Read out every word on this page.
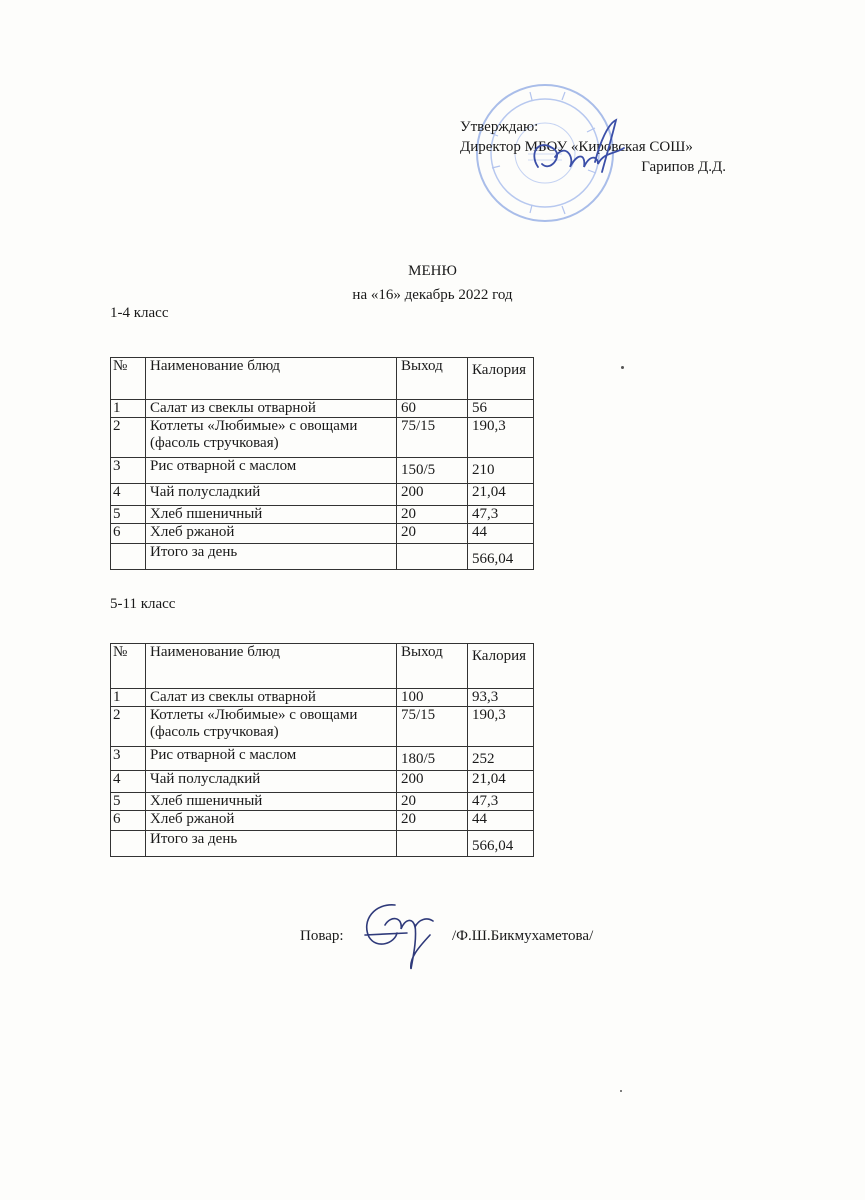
Утверждаю:
Директор МБОУ «Кировская СОШ»
Гарипов Д.Д.
МЕНЮ
на «16» декабрь 2022 год
1-4 класс
№	Наименование блюд	Выход	Калория
1	Салат из свеклы отварной	60	56
2	Котлеты «Любимые» с овощами (фасоль стручковая)	75/15	190,3
3	Рис отварной с маслом	150/5	210
4	Чай полусладкий	200	21,04
5	Хлеб пшеничный	20	47,3
6	Хлеб ржаной	20	44
	Итого за день		566,04
5-11 класс
№	Наименование блюд	Выход	Калория
1	Салат из свеклы отварной	100	93,3
2	Котлеты «Любимые» с овощами (фасоль стручковая)	75/15	190,3
3	Рис отварной с маслом	180/5	252
4	Чай полусладкий	200	21,04
5	Хлеб пшеничный	20	47,3
6	Хлеб ржаной	20	44
	Итого за день		566,04
Повар:	/Ф.Ш.Бикмухаметова/
